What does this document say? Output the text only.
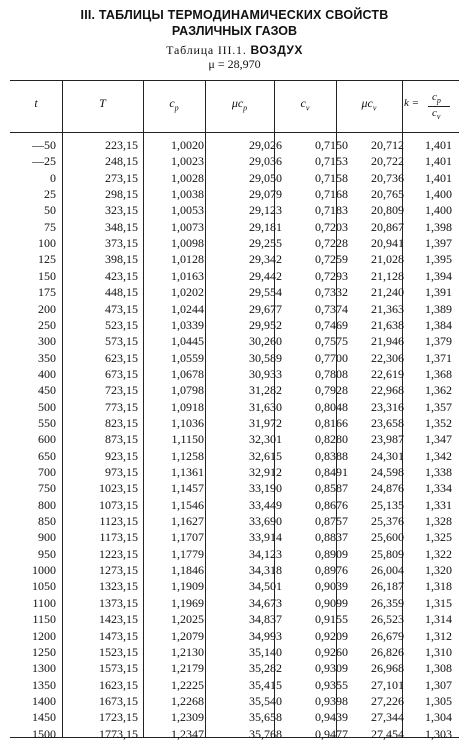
III. ТАБЛИЦЫ ТЕРМОДИНАМИЧЕСКИХ СВОЙСТВ
РАЗЛИЧНЫХ ГАЗОВ
Таблица III.1. ВОЗДУХ
μ = 28,970
t	T	$c_p$	$\mu c_p$	$c_v$	$\mu c_v$	$k = c_p$
$c_v$
—50	223,15	1,0020	29,026	0,7150	20,712	1,401
—25	248,15	1,0023	29,036	0,7153	20,722	1,401
0	273,15	1,0028	29,050	0,7158	20,736	1,401
25	298,15	1,0038	29,079	0,7168	20,765	1,400
50	323,15	1,0053	29,123	0,7183	20,809	1,400
75	348,15	1,0073	29,181	0,7203	20,867	1,398
100	373,15	1,0098	29,255	0,7228	20,941	1,397
125	398,15	1,0128	29,342	0,7259	21,028	1,395
150	423,15	1,0163	29,442	0,7293	21,128	1,394
175	448,15	1,0202	29,554	0,7332	21,240	1,391
200	473,15	1,0244	29,677	0,7374	21,363	1,389
250	523,15	1,0339	29,952	0,7469	21,638	1,384
300	573,15	1,0445	30,260	0,7575	21,946	1,379
350	623,15	1,0559	30,589	0,7700	22,306	1,371
400	673,15	1,0678	30,933	0,7808	22,619	1,368
450	723,15	1,0798	31,282	0,7928	22,968	1,362
500	773,15	1,0918	31,630	0,8048	23,316	1,357
550	823,15	1,1036	31,972	0,8166	23,658	1,352
600	873,15	1,1150	32,301	0,8280	23,987	1,347
650	923,15	1,1258	32,615	0,8388	24,301	1,342
700	973,15	1,1361	32,912	0,8491	24,598	1,338
750	1023,15	1,1457	33,190	0,8587	24,876	1,334
800	1073,15	1,1546	33,449	0,8676	25,135	1,331
850	1123,15	1,1627	33,690	0,8757	25,376	1,328
900	1173,15	1,1707	33,914	0,8837	25,600	1,325
950	1223,15	1,1779	34,123	0,8909	25,809	1,322
1000	1273,15	1,1846	34,318	0,8976	26,004	1,320
1050	1323,15	1,1909	34,501	0,9039	26,187	1,318
1100	1373,15	1,1969	34,673	0,9099	26,359	1,315
1150	1423,15	1,2025	34,837	0,9155	26,523	1,314
1200	1473,15	1,2079	34,993	0,9209	26,679	1,312
1250	1523,15	1,2130	35,140	0,9260	26,826	1,310
1300	1573,15	1,2179	35,282	0,9309	26,968	1,308
1350	1623,15	1,2225	35,415	0,9355	27,101	1,307
1400	1673,15	1,2268	35,540	0,9398	27,226	1,305
1450	1723,15	1,2309	35,658	0,9439	27,344	1,304
1500	1773,15	1,2347	35,768	0,9477	27,454	1,303
